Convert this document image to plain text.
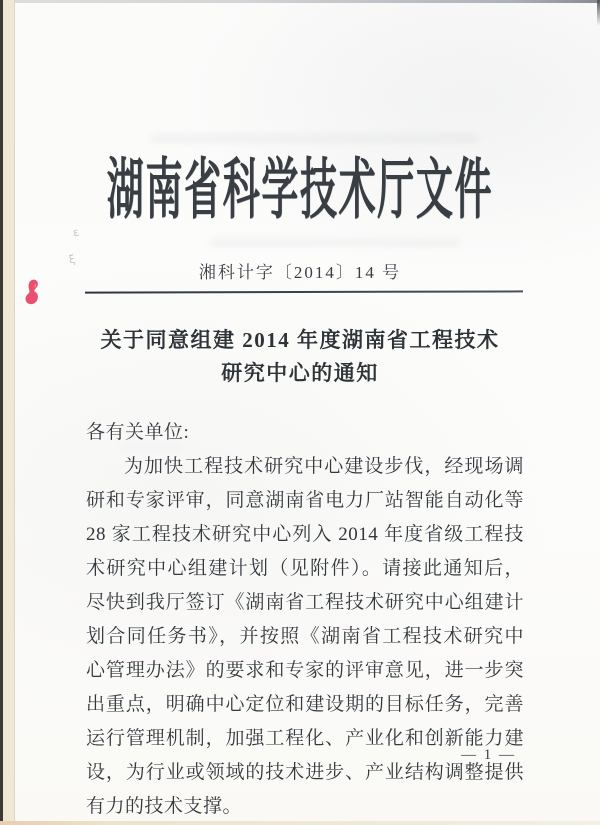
ε
ξ
湖南省科学技术厅文件
湘科计字〔2014〕14 号
关于同意组建 2014 年度湖南省工程技术
研究中心的通知
各有关单位:
为加快工程技术研究中心建设步伐，经现场调研和专家评审，同意湖南省电力厂站智能自动化等 28 家工程技术研究中心列入 2014 年度省级工程技术研究中心组建计划（见附件）。请接此通知后，尽快到我厅签订《湖南省工程技术研究中心组建计划合同任务书》，并按照《湖南省工程技术研究中心管理办法》的要求和专家的评审意见，进一步突出重点，明确中心定位和建设期的目标任务，完善运行管理机制，加强工程化、产业化和创新能力建设，为行业或领域的技术进步、产业结构调整提供有力的技术支撑。
— 1 —
